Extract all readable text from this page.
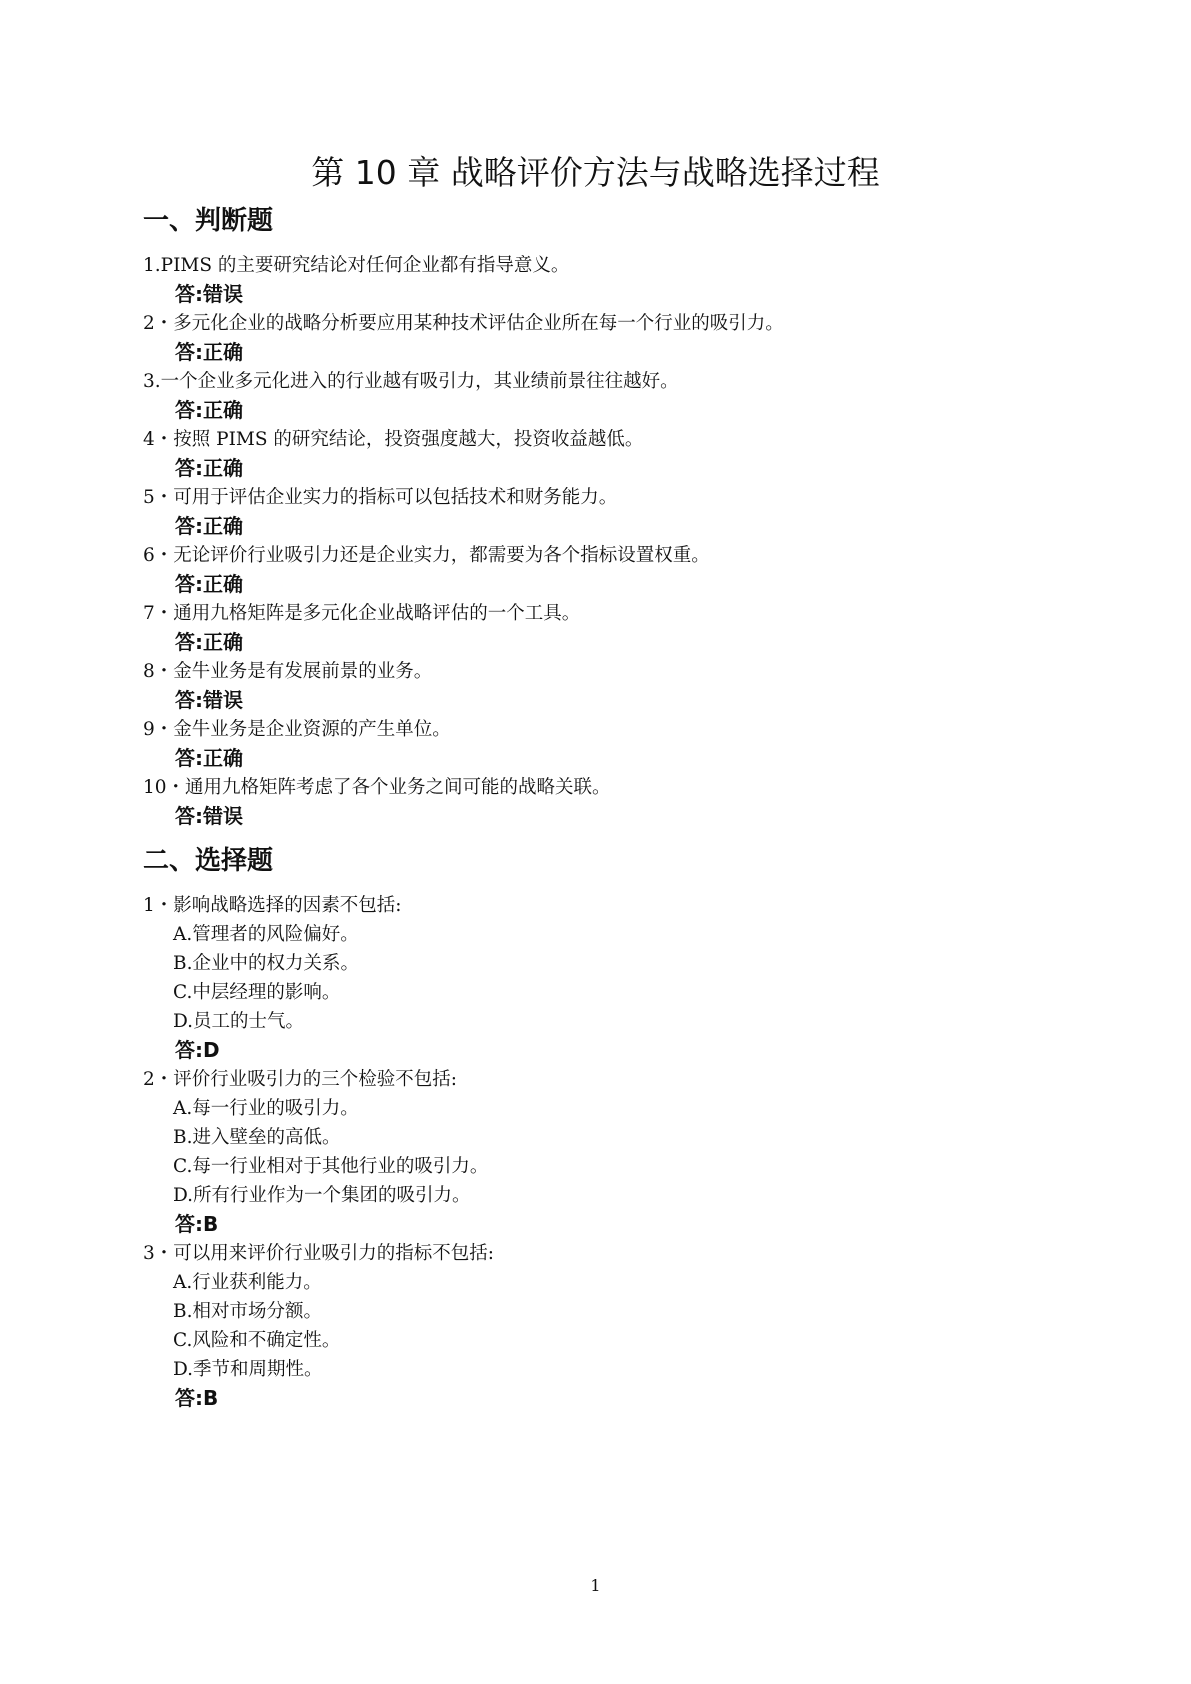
第 10 章 战略评价方法与战略选择过程
一、判断题
1.PIMS 的主要研究结论对任何企业都有指导意义。
答:错误
2・多元化企业的战略分析要应用某种技术评估企业所在每一个行业的吸引力。
答:正确
3.一个企业多元化进入的行业越有吸引力，其业绩前景往往越好。
答:正确
4・按照 PIMS 的研究结论，投资强度越大，投资收益越低。
答:正确
5・可用于评估企业实力的指标可以包括技术和财务能力。
答:正确
6・无论评价行业吸引力还是企业实力，都需要为各个指标设置权重。
答:正确
7・通用九格矩阵是多元化企业战略评估的一个工具。
答:正确
8・金牛业务是有发展前景的业务。
答:错误
9・金牛业务是企业资源的产生单位。
答:正确
10・通用九格矩阵考虑了各个业务之间可能的战略关联。
答:错误
二、选择题
1・影响战略选择的因素不包括:
A.管理者的风险偏好。
B.企业中的权力关系。
C.中层经理的影响。
D.员工的士气。
答:D
2・评价行业吸引力的三个检验不包括:
A.每一行业的吸引力。
B.进入壁垒的高低。
C.每一行业相对于其他行业的吸引力。
D.所有行业作为一个集团的吸引力。
答:B
3・可以用来评价行业吸引力的指标不包括:
A.行业获利能力。
B.相对市场分额。
C.风险和不确定性。
D.季节和周期性。
答:B
1
